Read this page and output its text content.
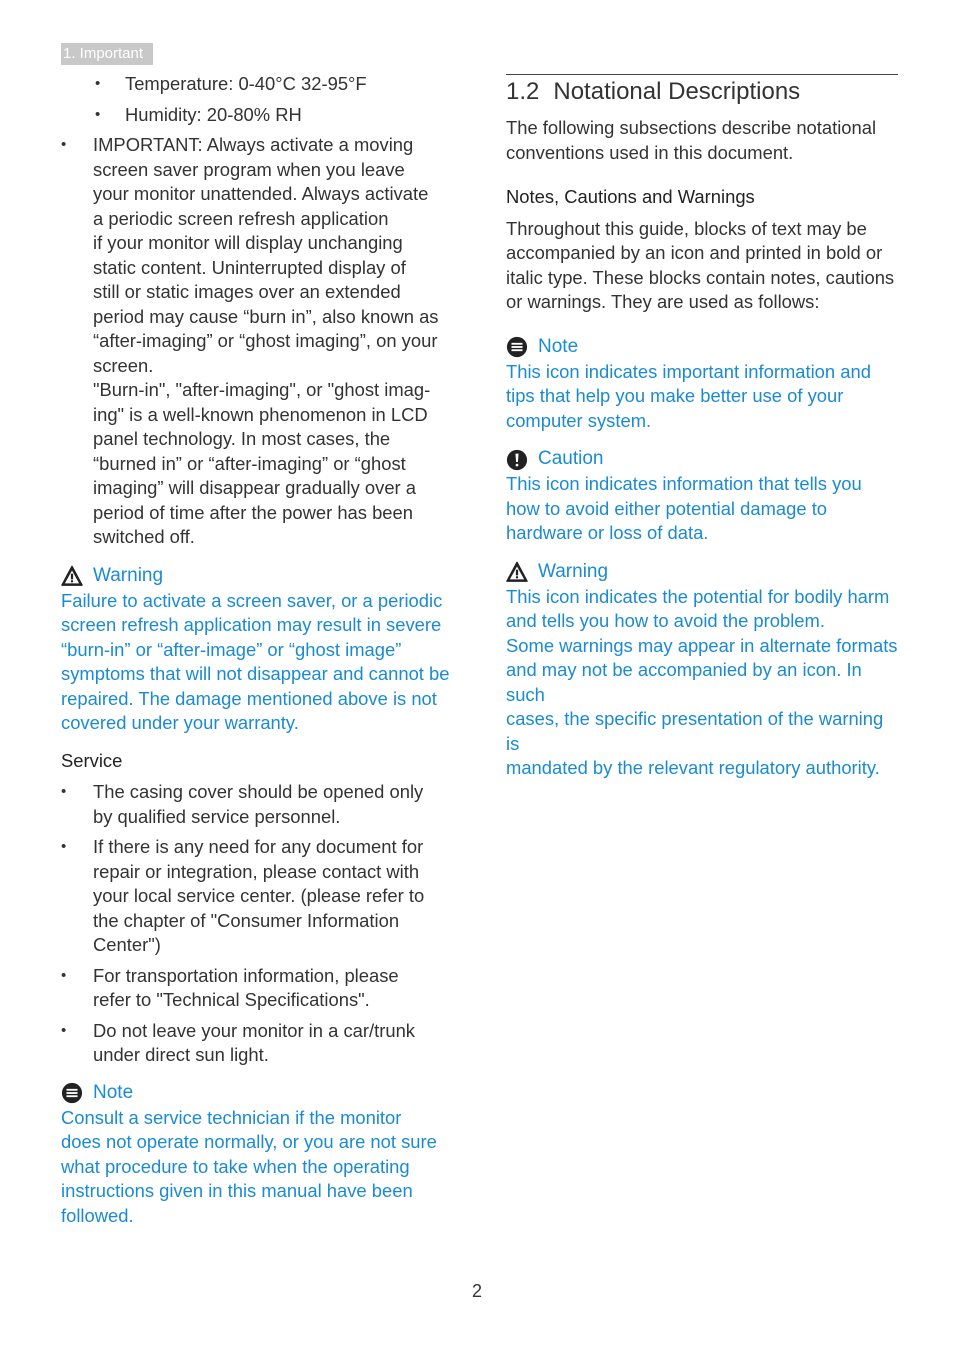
1. Important
• Temperature: 0-40°C 32-95°F
• Humidity: 20-80% RH
• IMPORTANT: Always activate a moving
screen saver program when you leave
your monitor unattended. Always activate
a periodic screen refresh application
if your monitor will display unchanging
static content. Uninterrupted display of
still or static images over an extended
period may cause “burn in”, also known as
“after-imaging” or “ghost imaging”, on your
screen.
"Burn-in", "after-imaging", or "ghost imag-
ing" is a well-known phenomenon in LCD
panel technology. In most cases, the
“burned in” or “after-imaging” or “ghost
imaging” will disappear gradually over a
period of time after the power has been
switched off.
Warning
Failure to activate a screen saver, or a periodic
screen refresh application may result in severe
“burn-in” or “after-image” or “ghost image”
symptoms that will not disappear and cannot be
repaired. The damage mentioned above is not
covered under your warranty.

Service

• The casing cover should be opened only
by qualified service personnel.
• If there is any need for any document for
repair or integration, please contact with
your local service center. (please refer to
the chapter of "Consumer Information
Center")
• For transportation information, please
refer to "Technical Specifications".
• Do not leave your monitor in a car/trunk
under direct sun light.
Note
Consult a service technician if the monitor
does not operate normally, or you are not sure
what procedure to take when the operating
instructions given in this manual have been
followed.
1.2 Notational Descriptions
The following subsections describe notational
conventions used in this document.

Notes, Cautions and Warnings

Throughout this guide, blocks of text may be
accompanied by an icon and printed in bold or
italic type. These blocks contain notes, cautions
or warnings. They are used as follows:
Note
This icon indicates important information and
tips that help you make better use of your
computer system.
Caution
This icon indicates information that tells you
how to avoid either potential damage to
hardware or loss of data.
Warning
This icon indicates the potential for bodily harm
and tells you how to avoid the problem.
Some warnings may appear in alternate formats
and may not be accompanied by an icon. In such
cases, the specific presentation of the warning is
mandated by the relevant regulatory authority.
2
